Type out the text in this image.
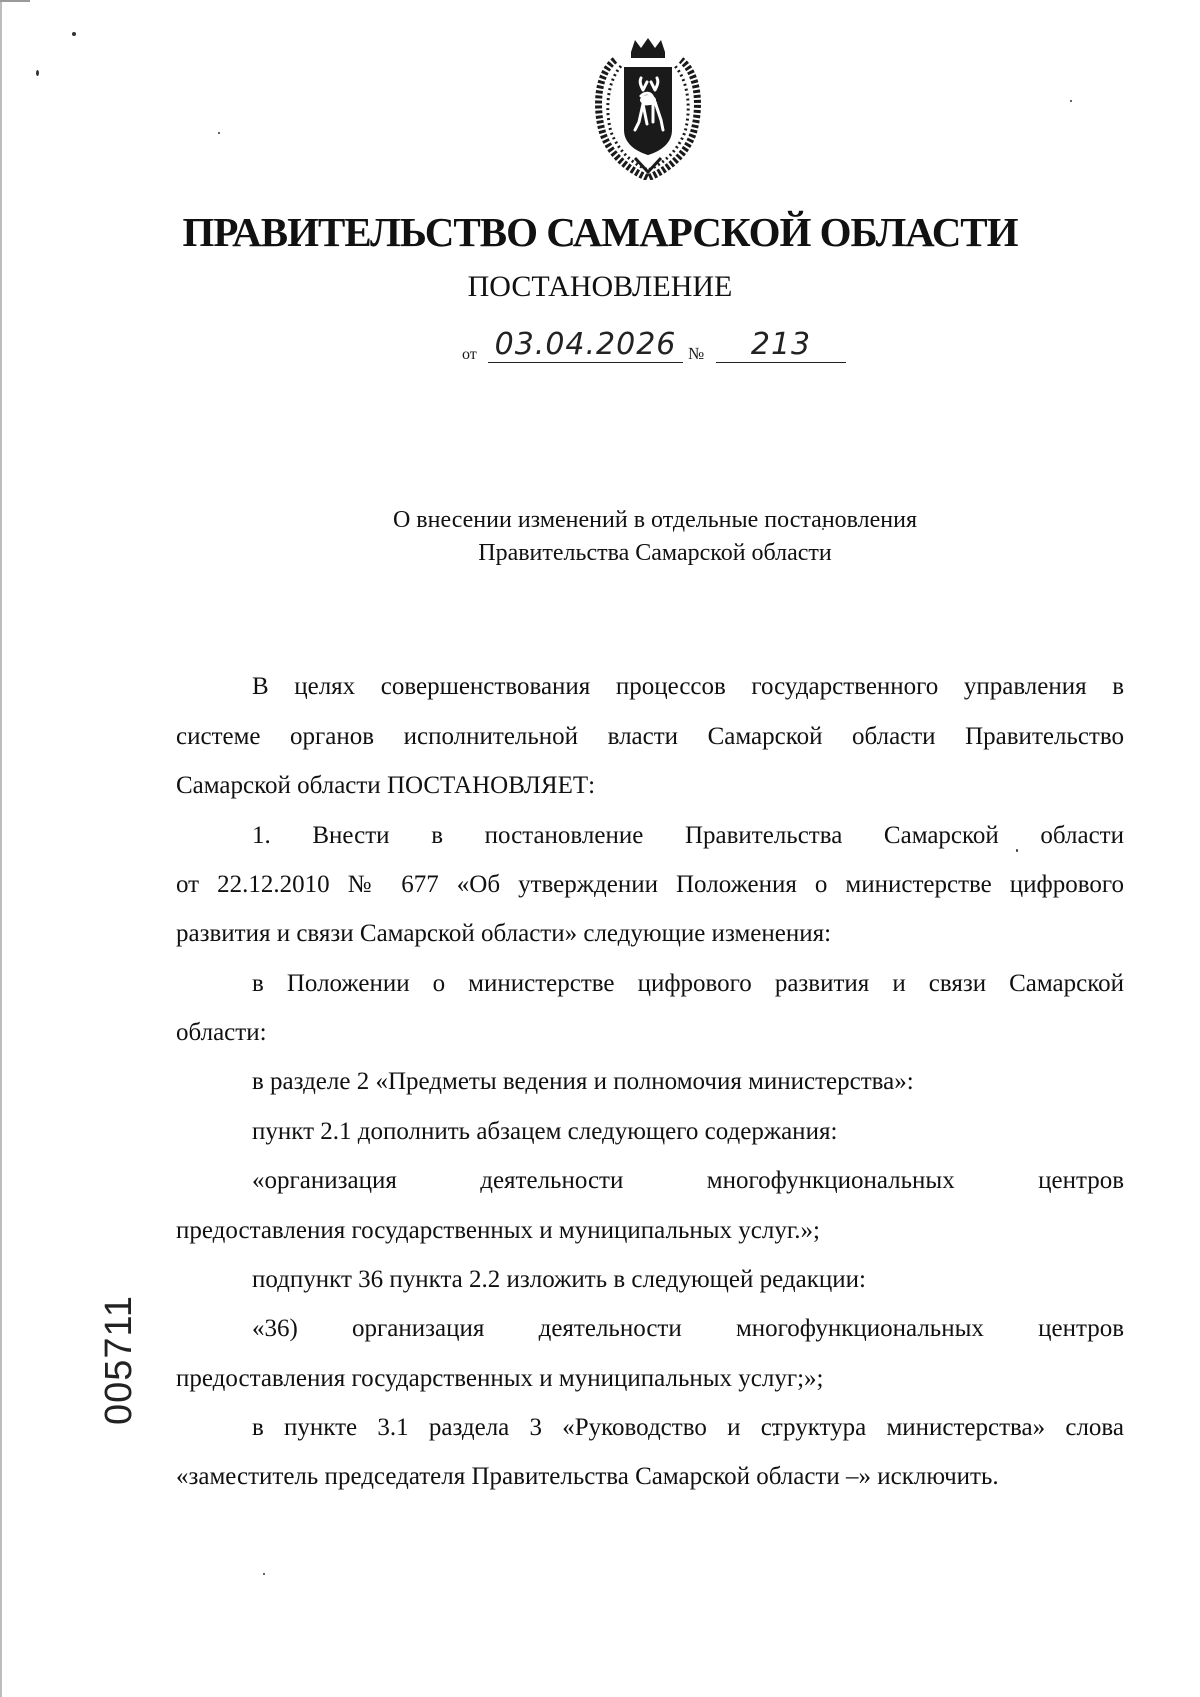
ПРАВИТЕЛЬСТВО САМАРСКОЙ ОБЛАСТИ
ПОСТАНОВЛЕНИЕ
от 03.04.2026 №	213
О внесении изменений в отдельные постановления
Правительства Самарской области
В целях совершенствования процессов государственного управления в
системе органов исполнительной власти Самарской области Правительство
Самарской области ПОСТАНОВЛЯЕТ:
1. Внести в постановление Правительства Самарской области
от 22.12.2010 № 677 «Об утверждении Положения о министерстве цифрового
развития и связи Самарской области» следующие изменения:
в Положении о министерстве цифрового развития и связи Самарской
области:
в разделе 2 «Предметы ведения и полномочия министерства»:
пункт 2.1 дополнить абзацем следующего содержания:
«организация деятельности многофункциональных центров
предоставления государственных и муниципальных услуг.»;
подпункт 36 пункта 2.2 изложить в следующей редакции:
«36) организация деятельности многофункциональных центров
предоставления государственных и муниципальных услуг;»;
в пункте 3.1 раздела 3 «Руководство и структура министерства» слова
«заместитель председателя Правительства Самарской области –» исключить.
005711
